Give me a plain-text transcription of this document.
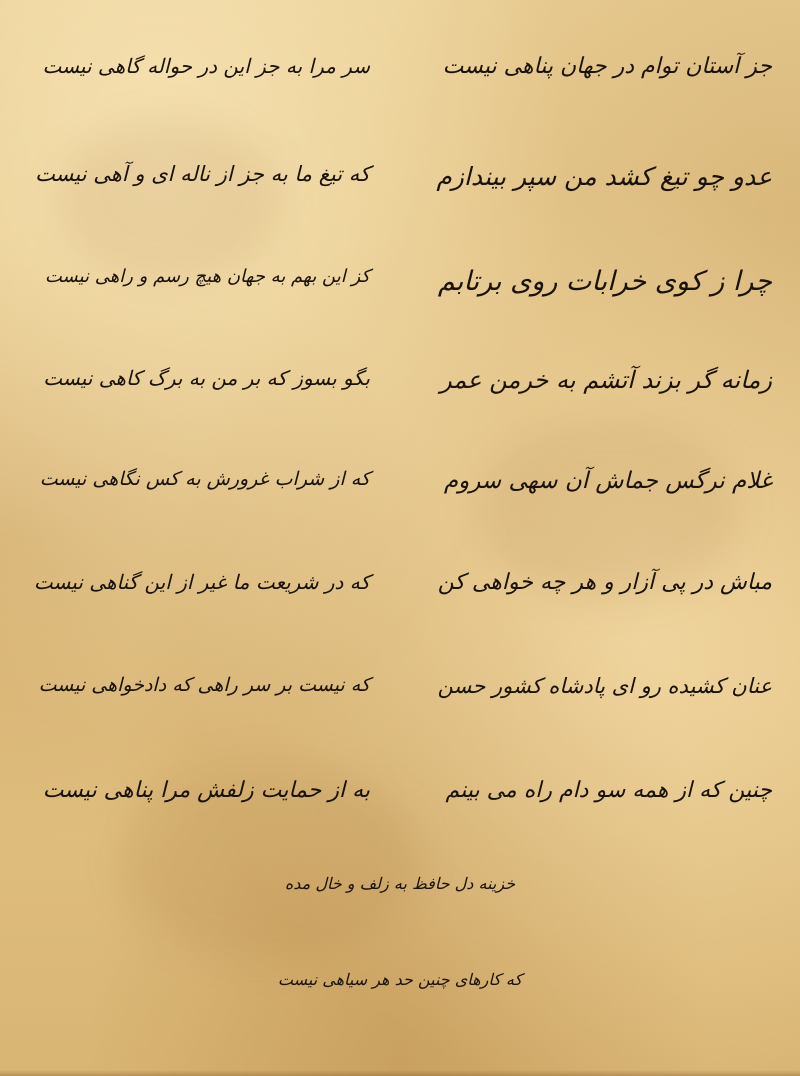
جز آستان توام در جهان پناهی نیست
سر مرا به جز این در حواله گاهی نیست
عدو چو تیغ کشد من سپر بیندازم
که تیغ ما به جز از ناله ای و آهی نیست
چرا ز کوی خرابات روی برتابم
کز این بهم به جهان هیچ رسم و راهی نیست
زمانه گر بزند آتشم به خرمن عمر
بگو بسوز که بر من به برگ کاهی نیست
غلام نرگس جماش آن سهی سروم
که از شراب غرورش به کس نگاهی نیست
مباش در پی آزار و هر چه خواهی کن
که در شریعت ما غیر از این گناهی نیست
عنان کشیده رو ای پادشاه کشور حسن
که نیست بر سر راهی که دادخواهی نیست
چنین که از همه سو دام راه می بینم
به از حمایت زلفش مرا پناهی نیست
خزینه دل حافظ به زلف و خال مده
که کارهای چنین حد هر سیاهی نیست
